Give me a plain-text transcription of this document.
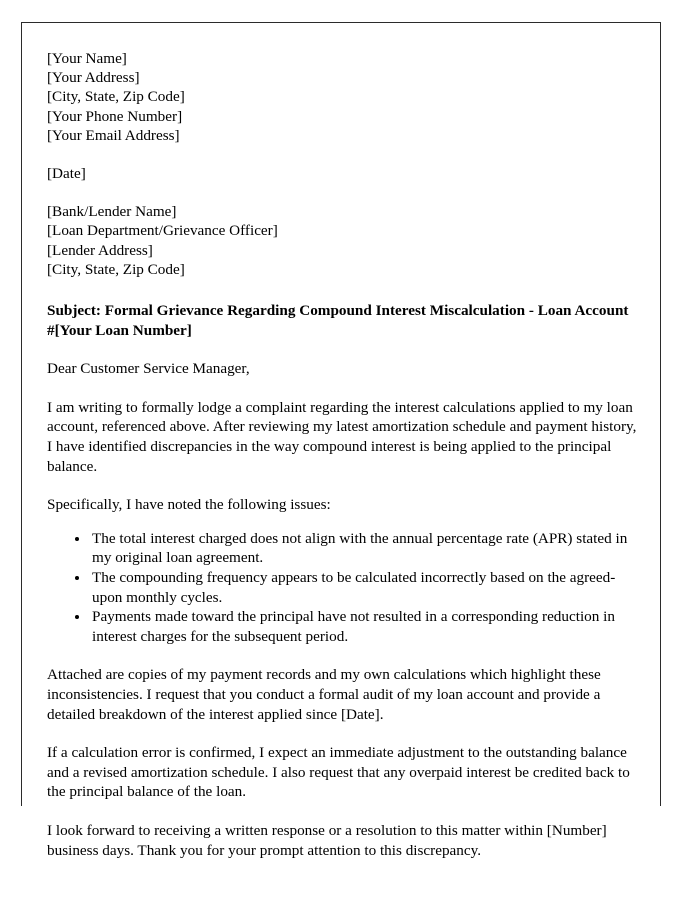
[Your Name]
[Your Address]
[City, State, Zip Code]
[Your Phone Number]
[Your Email Address]
[Date]
[Bank/Lender Name]
[Loan Department/Grievance Officer]
[Lender Address]
[City, State, Zip Code]

Subject: Formal Grievance Regarding Compound Interest Miscalculation - Loan Account #[Your Loan Number]

Dear Customer Service Manager,

I am writing to formally lodge a complaint regarding the interest calculations applied to my loan account, referenced above. After reviewing my latest amortization schedule and payment history, I have identified discrepancies in the way compound interest is being applied to the principal balance.

Specifically, I have noted the following issues:

• The total interest charged does not align with the annual percentage rate (APR) stated in my original loan agreement.
• The compounding frequency appears to be calculated incorrectly based on the agreed-upon monthly cycles.
• Payments made toward the principal have not resulted in a corresponding reduction in interest charges for the subsequent period.

Attached are copies of my payment records and my own calculations which highlight these inconsistencies. I request that you conduct a formal audit of my loan account and provide a detailed breakdown of the interest applied since [Date].

If a calculation error is confirmed, I expect an immediate adjustment to the outstanding balance and a revised amortization schedule. I also request that any overpaid interest be credited back to the principal balance of the loan.

I look forward to receiving a written response or a resolution to this matter within [Number] business days. Thank you for your prompt attention to this discrepancy.
